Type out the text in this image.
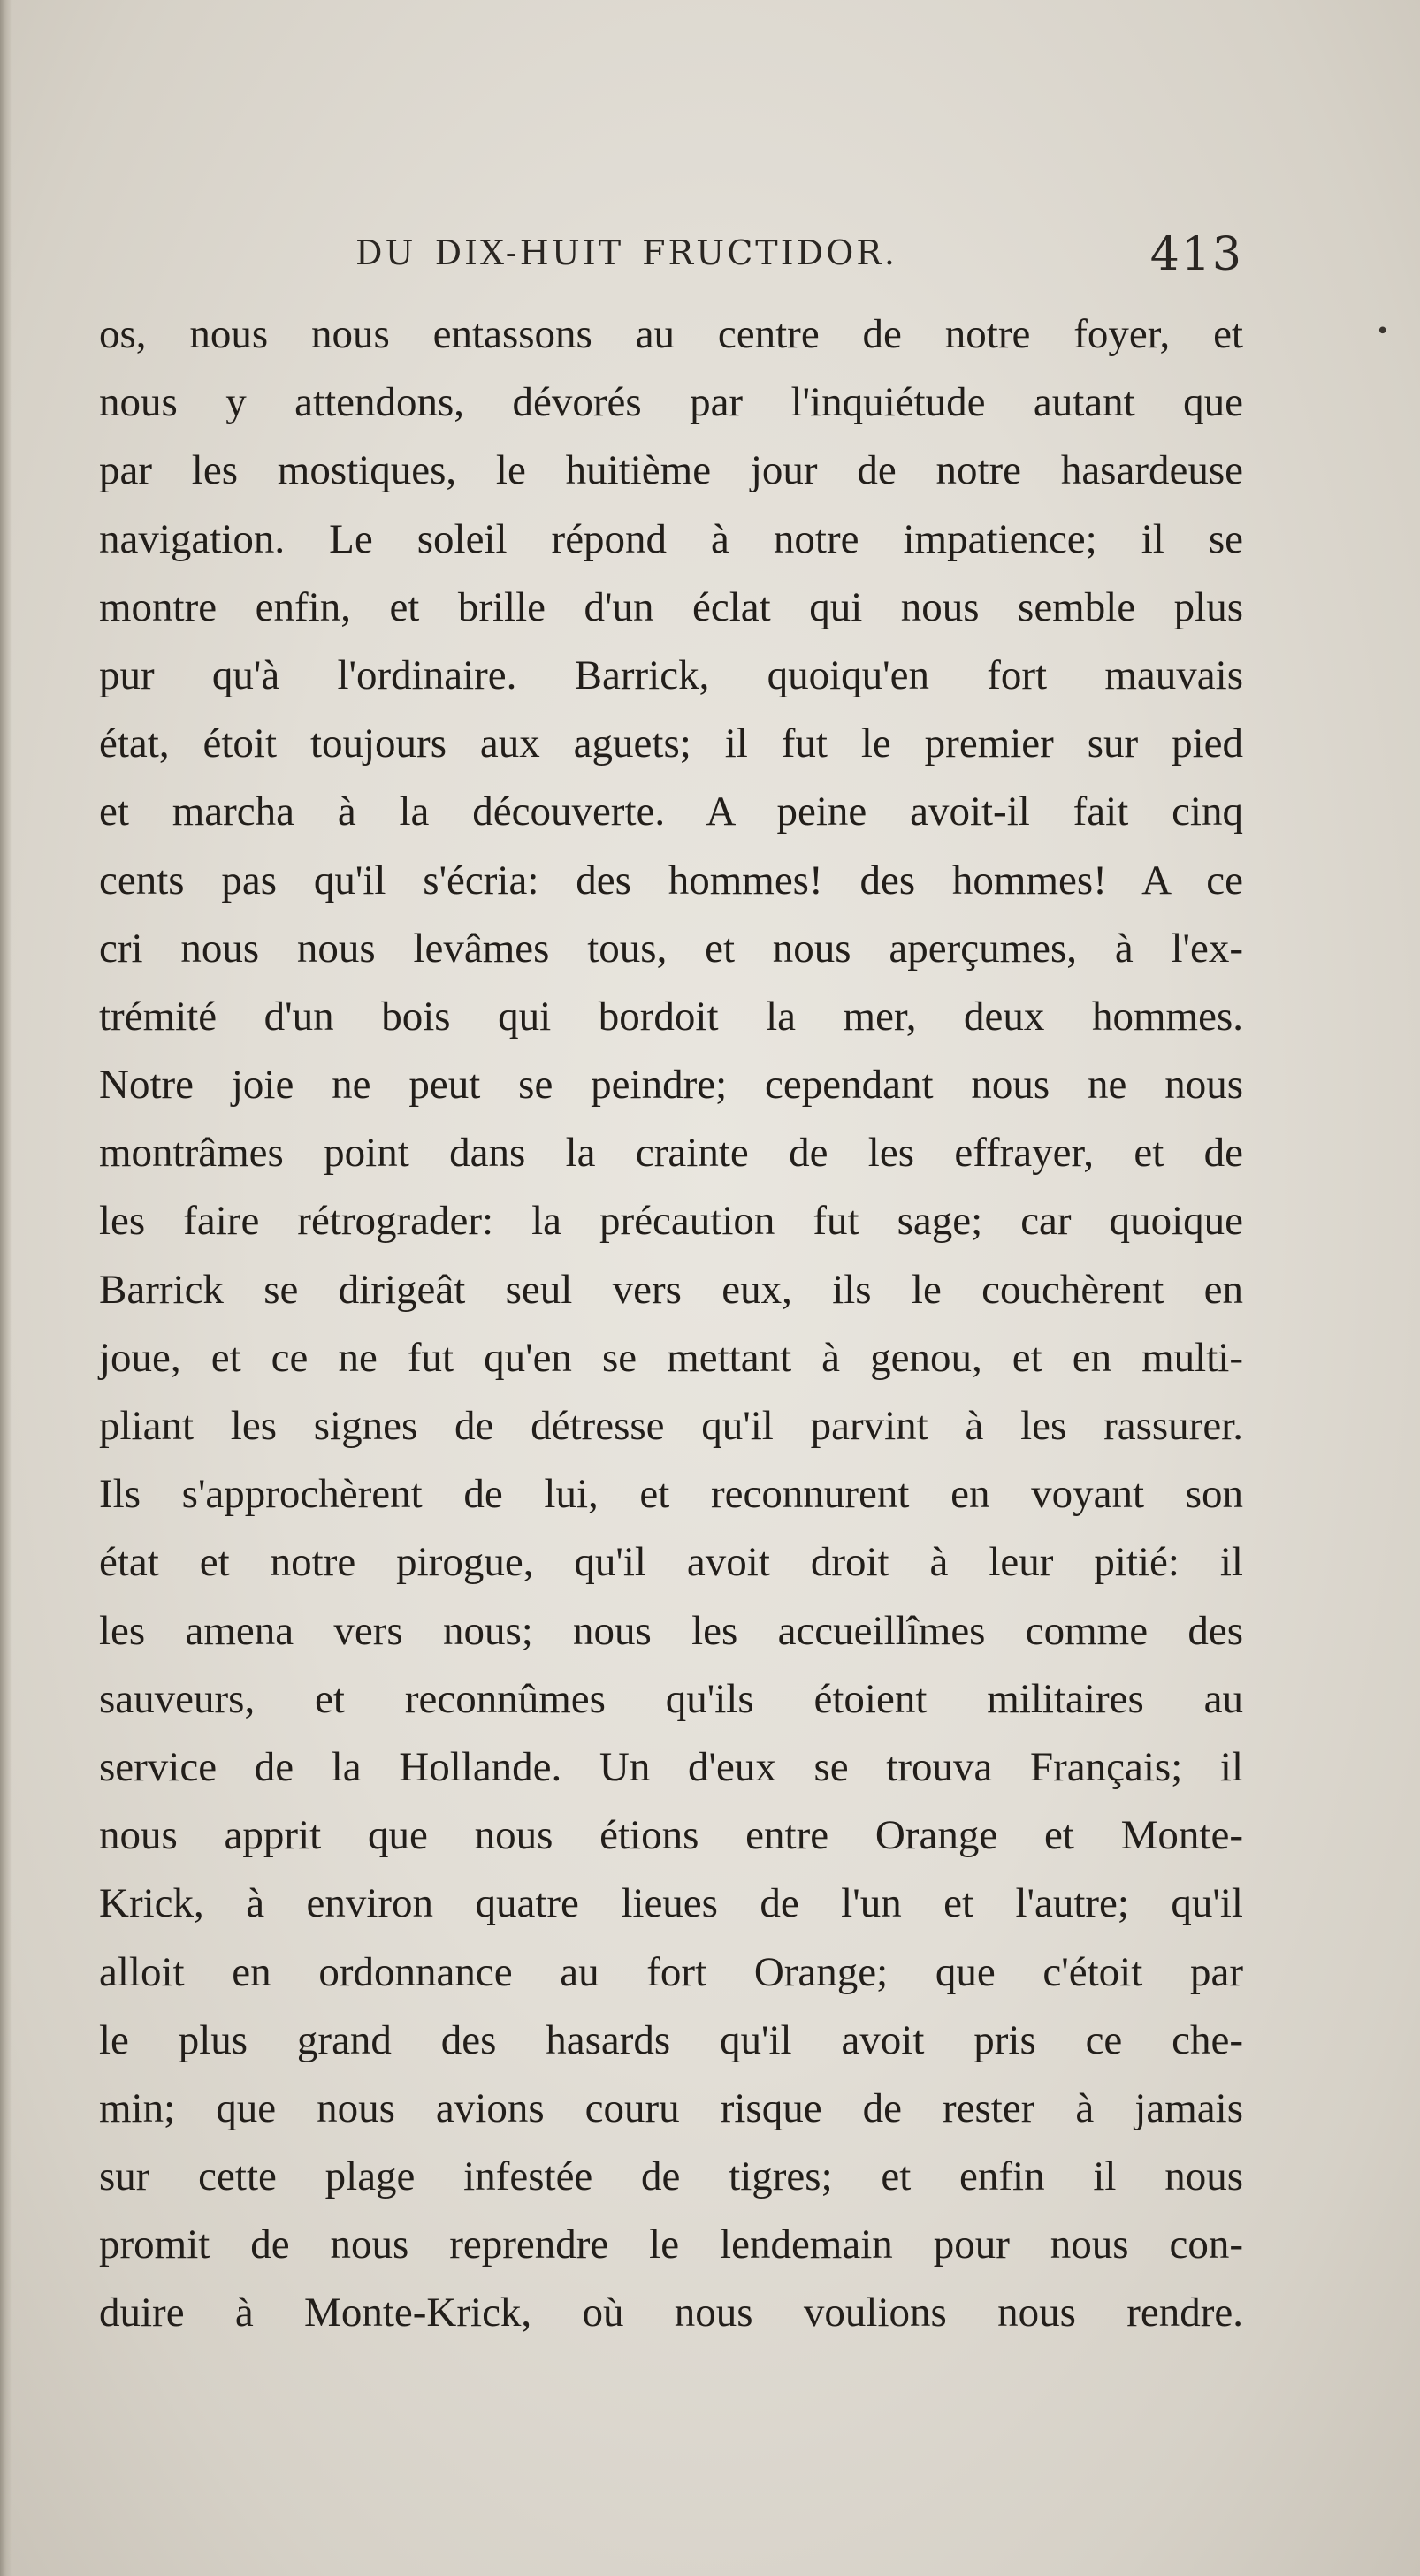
DU DIX-HUIT FRUCTIDOR.	413
•
os, nous nous entassons au centre de notre foyer, et
nous y attendons, dévorés par l'inquiétude autant que
par les mostiques, le huitième jour de notre hasardeuse
navigation. Le soleil répond à notre impatience; il se
montre enfin, et brille d'un éclat qui nous semble plus
pur qu'à l'ordinaire. Barrick, quoiqu'en fort mauvais
état, étoit toujours aux aguets; il fut le premier sur pied
et marcha à la découverte. A peine avoit-il fait cinq
cents pas qu'il s'écria: des hommes! des hommes! A ce
cri nous nous levâmes tous, et nous aperçumes, à l'ex-
trémité d'un bois qui bordoit la mer, deux hommes.
Notre joie ne peut se peindre; cependant nous ne nous
montrâmes point dans la crainte de les effrayer, et de
les faire rétrograder: la précaution fut sage; car quoique
Barrick se dirigeât seul vers eux, ils le couchèrent en
joue, et ce ne fut qu'en se mettant à genou, et en multi-
pliant les signes de détresse qu'il parvint à les rassurer.
Ils s'approchèrent de lui, et reconnurent en voyant son
état et notre pirogue, qu'il avoit droit à leur pitié: il
les amena vers nous; nous les accueillîmes comme des
sauveurs, et reconnûmes qu'ils étoient militaires au
service de la Hollande. Un d'eux se trouva Français; il
nous apprit que nous étions entre Orange et Monte-
Krick, à environ quatre lieues de l'un et l'autre; qu'il
alloit en ordonnance au fort Orange; que c'étoit par
le plus grand des hasards qu'il avoit pris ce che-
min; que nous avions couru risque de rester à jamais
sur cette plage infestée de tigres; et enfin il nous
promit de nous reprendre le lendemain pour nous con-
duire à Monte-Krick, où nous voulions nous rendre.
